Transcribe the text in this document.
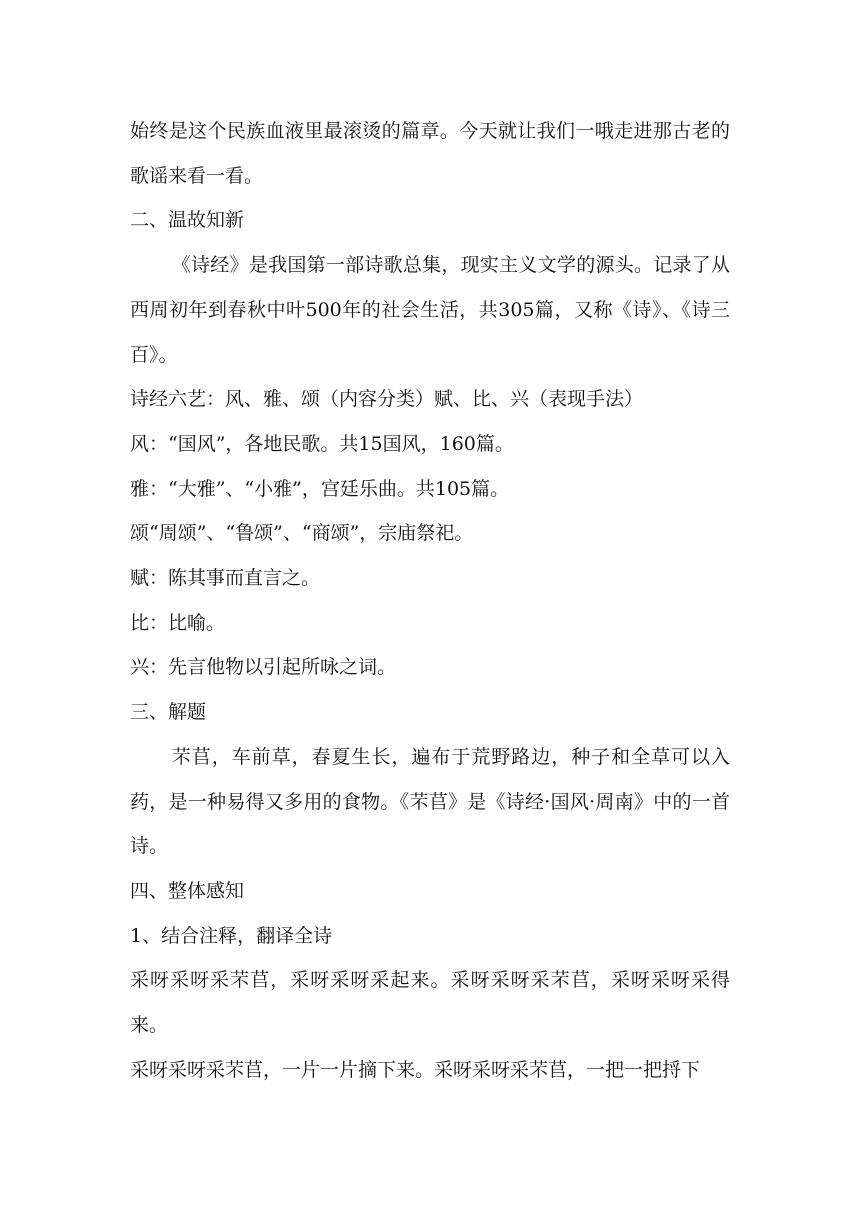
始终是这个民族血液里最滚烫的篇章。今天就让我们一哦走进那古老的歌谣来看一看。

二、温故知新

《诗经》是我国第一部诗歌总集，现实主义文学的源头。记录了从西周初年到春秋中叶500年的社会生活，共305篇，又称《诗》、《诗三百》。

诗经六艺：风、雅、颂（内容分类）赋、比、兴（表现手法）

风：“国风”，各地民歌。共15国风，160篇。

雅：“大雅”、“小雅”，宫廷乐曲。共105篇。

颂“周颂”、“鲁颂”、“商颂”，宗庙祭祀。

赋：陈其事而直言之。

比：比喻。

兴：先言他物以引起所咏之词。

三、解题

芣苢，车前草，春夏生长，遍布于荒野路边，种子和全草可以入药，是一种易得又多用的食物。《芣苢》是《诗经·国风·周南》中的一首诗。

四、整体感知

1、结合注释，翻译全诗

采呀采呀采芣苢，采呀采呀采起来。采呀采呀采芣苢，采呀采呀采得来。

采呀采呀采芣苢，一片一片摘下来。采呀采呀采芣苢，一把一把捋下
